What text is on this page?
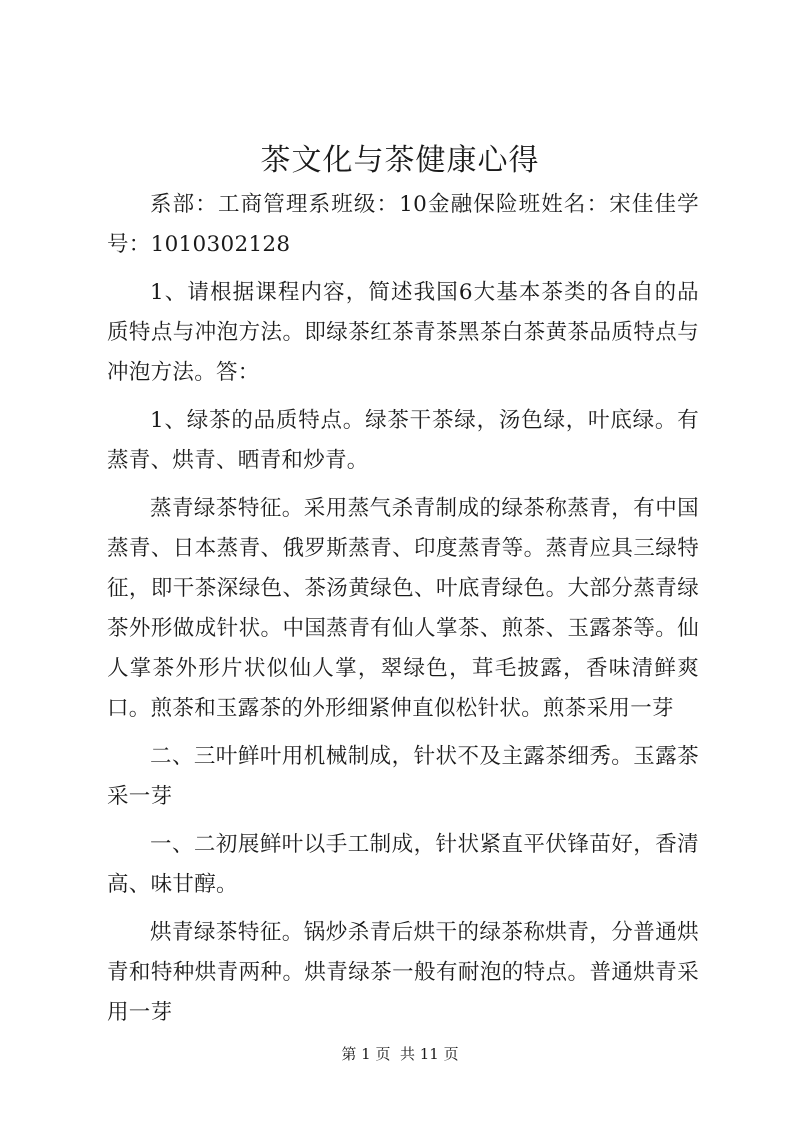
茶文化与茶健康心得

系部：工商管理系班级：10金融保险班姓名：宋佳佳学号：1010302128

1、请根据课程内容，简述我国6大基本茶类的各自的品质特点与冲泡方法。即绿茶红茶青茶黑茶白茶黄茶品质特点与冲泡方法。答：

1、绿茶的品质特点。绿茶干茶绿，汤色绿，叶底绿。有蒸青、烘青、晒青和炒青。

蒸青绿茶特征。采用蒸气杀青制成的绿茶称蒸青，有中国蒸青、日本蒸青、俄罗斯蒸青、印度蒸青等。蒸青应具三绿特征，即干茶深绿色、茶汤黄绿色、叶底青绿色。大部分蒸青绿茶外形做成针状。中国蒸青有仙人掌茶、煎茶、玉露茶等。仙人掌茶外形片状似仙人掌，翠绿色，茸毛披露，香味清鲜爽口。煎茶和玉露茶的外形细紧伸直似松针状。煎茶采用一芽

二、三叶鲜叶用机械制成，针状不及主露茶细秀。玉露茶采一芽

一、二初展鲜叶以手工制成，针状紧直平伏锋苗好，香清高、味甘醇。

烘青绿茶特征。锅炒杀青后烘干的绿茶称烘青，分普通烘青和特种烘青两种。烘青绿茶一般有耐泡的特点。普通烘青采用一芽

第 1 页  共 11 页
